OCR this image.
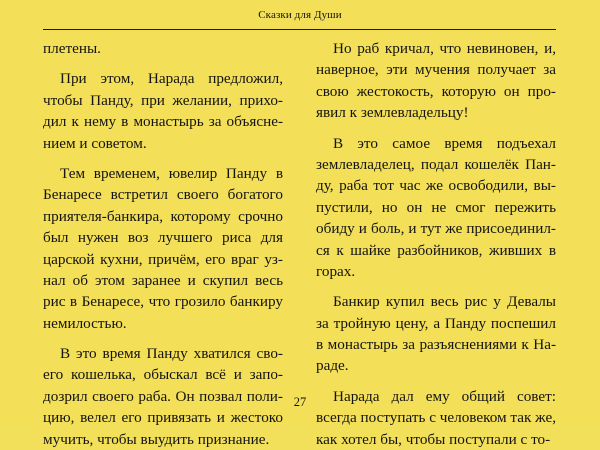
Сказки для Души
плетены.
При этом, Нарада предложил,
чтобы Панду, при желании, прихо-
дил к нему в монастырь за объясне-
нием и советом.
Тем временем, ювелир Панду в
Бенаресе встретил своего богатого
приятеля-банкира, которому срочно
был нужен воз лучшего риса для
царской кухни, причём, его враг уз-
нал об этом заранее и скупил весь
рис в Бенаресе, что грозило банкиру
немилостью.
В это время Панду хватился сво-
его кошелька, обыскал всё и запо-
дозрил своего раба. Он позвал поли-
цию, велел его привязать и жестоко
мучить, чтобы выудить признание.
Но раб кричал, что невиновен, и,
наверное, эти мучения получает за
свою жестокость, которую он про-
явил к землевладельцу!
В это самое время подъехал
землевладелец, подал кошелёк Пан-
ду, раба тот час же освободили, вы-
пустили, но он не смог пережить
обиду и боль, и тут же присоединил-
ся к шайке разбойников, живших в
горах.
Банкир купил весь рис у Девалы
за тройную цену, а Панду поспешил
в монастырь за разъяснениями к На-
раде.
Нарада дал ему общий совет:
всегда поступать с человеком так же,
как хотел бы, чтобы поступали с то-
27
